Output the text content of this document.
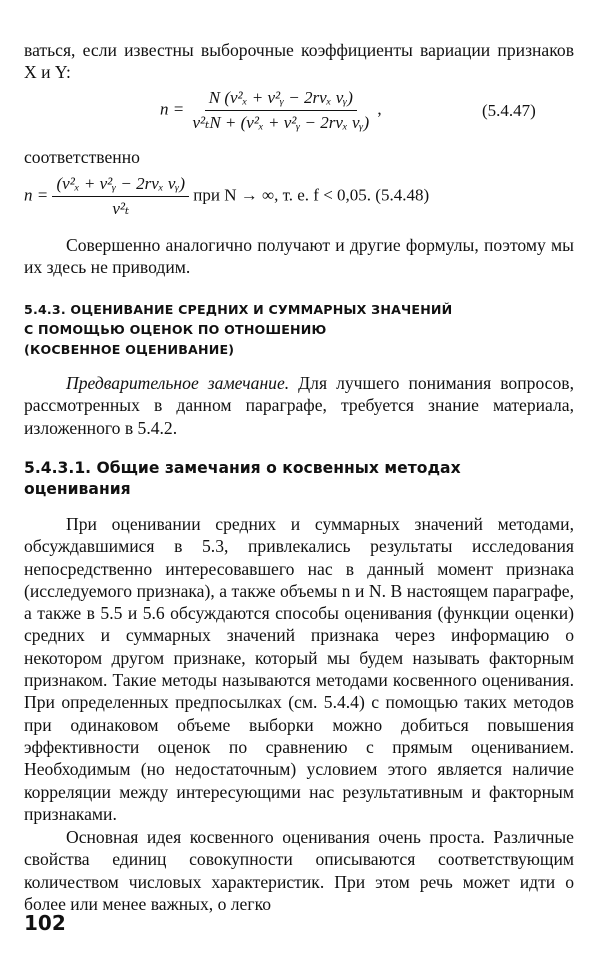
ваться, если известны выборочные коэффициенты вариации признаков X и Y:
$n = \frac{\text{N (v²ₓ + v²ᵧ − 2rvₓ vᵧ)}}{\text{v²ₜN + (v²ₓ + v²ᵧ − 2rvₓ vᵧ)}}$ ,	(5.4.47)
соответственно
$n = \frac{\text{(v²ₓ + v²ᵧ − 2rvₓ vᵧ)}}{\text{v²ₜ}}$ при N → ∞, т. е. f < 0,05. (5.4.48)
Совершенно аналогично получают и другие формулы, поэтому мы их здесь не приводим.
5.4.3. ОЦЕНИВАНИЕ СРЕДНИХ И СУММАРНЫХ ЗНАЧЕНИЙ
С ПОМОЩЬЮ ОЦЕНОК ПО ОТНОШЕНИЮ
(КОСВЕННОЕ ОЦЕНИВАНИЕ)
Предварительное замечание. Для лучшего понимания вопросов, рассмотренных в данном параграфе, требуется знание материала, изложенного в 5.4.2.
5.4.3.1. Общие замечания о косвенных методах
оценивания
При оценивании средних и суммарных значений методами, обсуждавшимися в 5.3, привлекались результаты исследования непосредственно интересовавшего нас в данный момент признака (исследуемого признака), а также объемы n и N. В настоящем параграфе, а также в 5.5 и 5.6 обсуждаются способы оценивания (функции оценки) средних и суммарных значений признака через информацию о некотором другом признаке, который мы будем называть факторным признаком. Такие методы называются методами косвенного оценивания. При определенных предпосылках (см. 5.4.4) с помощью таких методов при одинаковом объеме выборки можно добиться повышения эффективности оценок по сравнению с прямым оцениванием. Необходимым (но недостаточным) условием этого является наличие корреляции между интересующими нас результативным и факторным признаками.
Основная идея косвенного оценивания очень проста. Различные свойства единиц совокупности описываются соответствующим количеством числовых характеристик. При этом речь может идти о более или менее важных, о легко
102
